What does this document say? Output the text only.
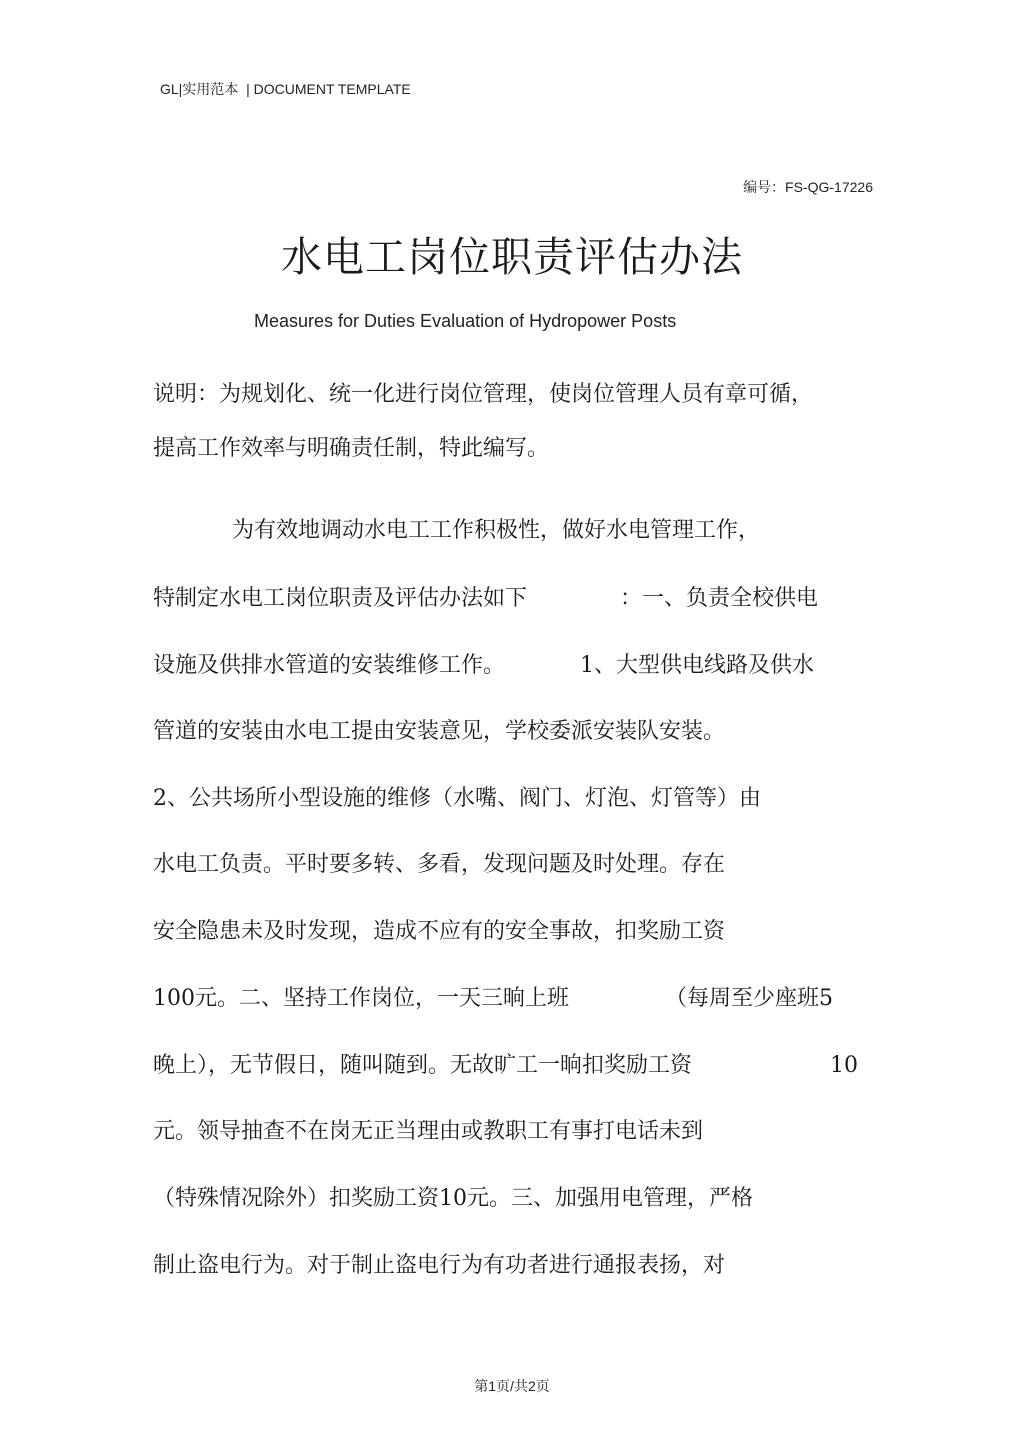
GL|实用范本  | DOCUMENT TEMPLATE
编号：FS-QG-17226
水电工岗位职责评估办法
Measures for Duties Evaluation of Hydropower Posts
说明：为规划化、统一化进行岗位管理，使岗位管理人员有章可循，
提高工作效率与明确责任制，特此编写。
为有效地调动水电工工作积极性，做好水电管理工作，
特制定水电工岗位职责及评估办法如下	：一、负责全校供电
设施及供排水管道的安装维修工作。	1、大型供电线路及供水
管道的安装由水电工提由安装意见，学校委派安装队安装。
2、公共场所小型设施的维修（水嘴、阀门、灯泡、灯管等）由
水电工负责。平时要多转、多看，发现问题及时处理。存在
安全隐患未及时发现，造成不应有的安全事故，扣奖励工资
100元。二、坚持工作岗位，一天三晌上班	（每周至少座班5
晚上），无节假日，随叫随到。无故旷工一晌扣奖励工资	10
元。领导抽查不在岗无正当理由或教职工有事打电话未到
（特殊情况除外）扣奖励工资10元。三、加强用电管理，严格
制止盗电行为。对于制止盗电行为有功者进行通报表扬，对
第1页/共2页
